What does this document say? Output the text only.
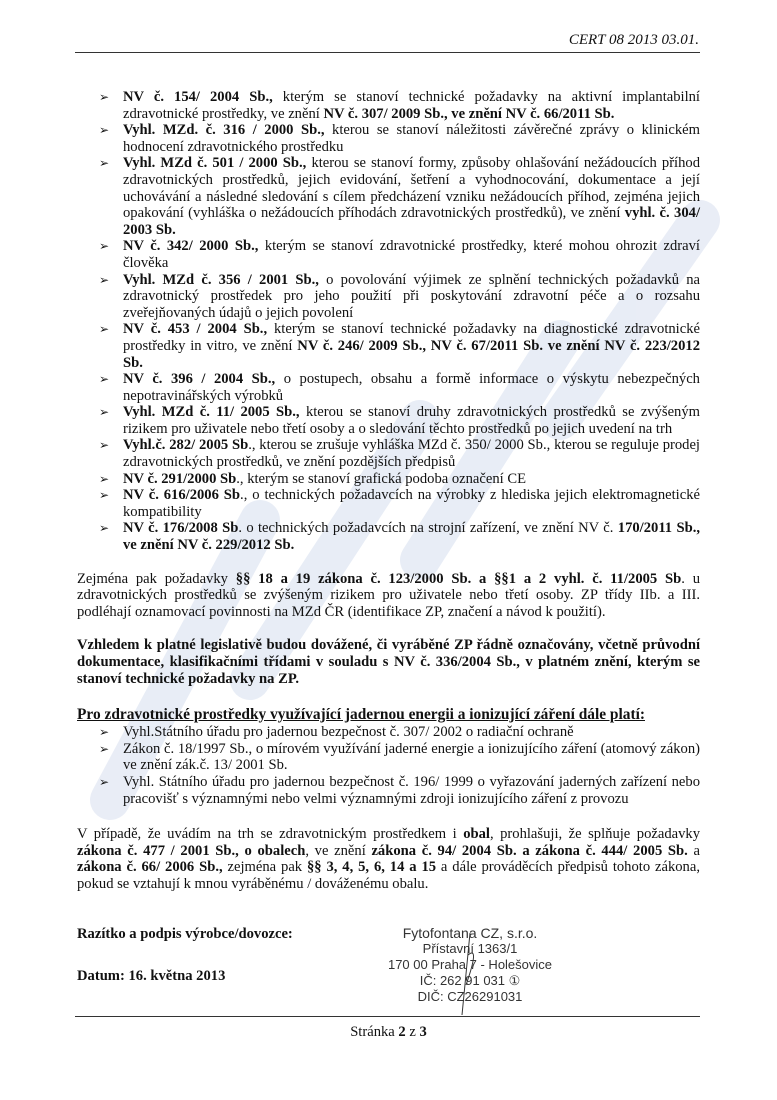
CERT 08 2013 03.01.
➢ NV č. 154/ 2004 Sb., kterým se stanoví technické požadavky na aktivní implantabilní zdravotnické prostředky, ve znění NV č. 307/ 2009 Sb., ve znění NV č. 66/2011 Sb.
➢ Vyhl. MZd. č. 316 / 2000 Sb., kterou se stanoví náležitosti závěrečné zprávy o klinickém hodnocení zdravotnického prostředku
➢ Vyhl. MZd č. 501 / 2000 Sb., kterou se stanoví formy, způsoby ohlašování nežádoucích příhod zdravotnických prostředků, jejich evidování, šetření a vyhodnocování, dokumentace a její uchovávání a následné sledování s cílem předcházení vzniku nežádoucích příhod, zejména jejich opakování (vyhláška o nežádoucích příhodách zdravotnických prostředků), ve znění vyhl. č. 304/ 2003 Sb.
➢ NV č. 342/ 2000 Sb., kterým se stanoví zdravotnické prostředky, které mohou ohrozit zdraví člověka
➢ Vyhl. MZd č. 356 / 2001 Sb., o povolování výjimek ze splnění technických požadavků na zdravotnický prostředek pro jeho použití při poskytování zdravotní péče a o rozsahu zveřejňovaných údajů o jejich povolení
➢ NV č. 453 / 2004 Sb., kterým se stanoví technické požadavky na diagnostické zdravotnické prostředky in vitro, ve znění NV č. 246/ 2009 Sb., NV č. 67/2011 Sb. ve znění NV č. 223/2012 Sb.
➢ NV č. 396 / 2004 Sb., o postupech, obsahu a formě informace o výskytu nebezpečných nepotravinářských výrobků
➢ Vyhl. MZd č. 11/ 2005 Sb., kterou se stanoví druhy zdravotnických prostředků se zvýšeným rizikem pro uživatele nebo třetí osoby a o sledování těchto prostředků po jejich uvedení na trh
➢ Vyhl.č. 282/ 2005 Sb., kterou se zrušuje vyhláška MZd č. 350/ 2000 Sb., kterou se reguluje prodej zdravotnických prostředků, ve znění pozdějších předpisů
➢ NV č. 291/2000 Sb., kterým se stanoví grafická podoba označení CE
➢ NV č. 616/2006 Sb., o technických požadavcích na výrobky z hlediska jejich elektromagnetické kompatibility
➢ NV č. 176/2008 Sb. o technických požadavcích na strojní zařízení, ve znění NV č. 170/2011 Sb., ve znění NV č. 229/2012 Sb.
Zejména pak požadavky §§ 18 a 19 zákona č. 123/2000 Sb. a §§1 a 2 vyhl. č. 11/2005 Sb. u zdravotnických prostředků se zvýšeným rizikem pro uživatele nebo třetí osoby. ZP třídy IIb. a III. podléhají oznamovací povinnosti na MZd ČR (identifikace ZP, značení a návod k použití).
Vzhledem k platné legislativě budou dovážené, či vyráběné ZP řádně označovány, včetně průvodní dokumentace, klasifikačními třídami v souladu s NV č. 336/2004 Sb., v platném znění, kterým se stanoví technické požadavky na ZP.
Pro zdravotnické prostředky využívající jadernou energii a ionizující záření dále platí:
➢ Vyhl.Státního úřadu pro jadernou bezpečnost č. 307/ 2002 o radiační ochraně
➢ Zákon č. 18/1997 Sb., o mírovém využívání jaderné energie a ionizujícího záření (atomový zákon) ve znění zák.č. 13/ 2001 Sb.
➢ Vyhl. Státního úřadu pro jadernou bezpečnost č. 196/ 1999 o vyřazování jaderných zařízení nebo pracovišť s významnými nebo velmi významnými zdroji ionizujícího záření z provozu
V případě, že uvádím na trh se zdravotnickým prostředkem i obal, prohlašuji, že splňuje požadavky zákona č. 477 / 2001 Sb., o obalech, ve znění zákona č. 94/ 2004 Sb. a zákona č. 444/ 2005 Sb. a zákona č. 66/ 2006 Sb., zejména pak §§ 3, 4, 5, 6, 14 a 15 a dále prováděcích předpisů tohoto zákona, pokud se vztahují k mnou vyráběnému / dováženému obalu.
Razítko a podpis výrobce/dovozce:
Datum: 16. května 2013
Fytofontana CZ, s.r.o.
Přístavní 1363/1
170 00 Praha 7 - Holešovice
IČ: 262 91 031 ①
DIČ: CZ26291031
Stránka 2 z 3
